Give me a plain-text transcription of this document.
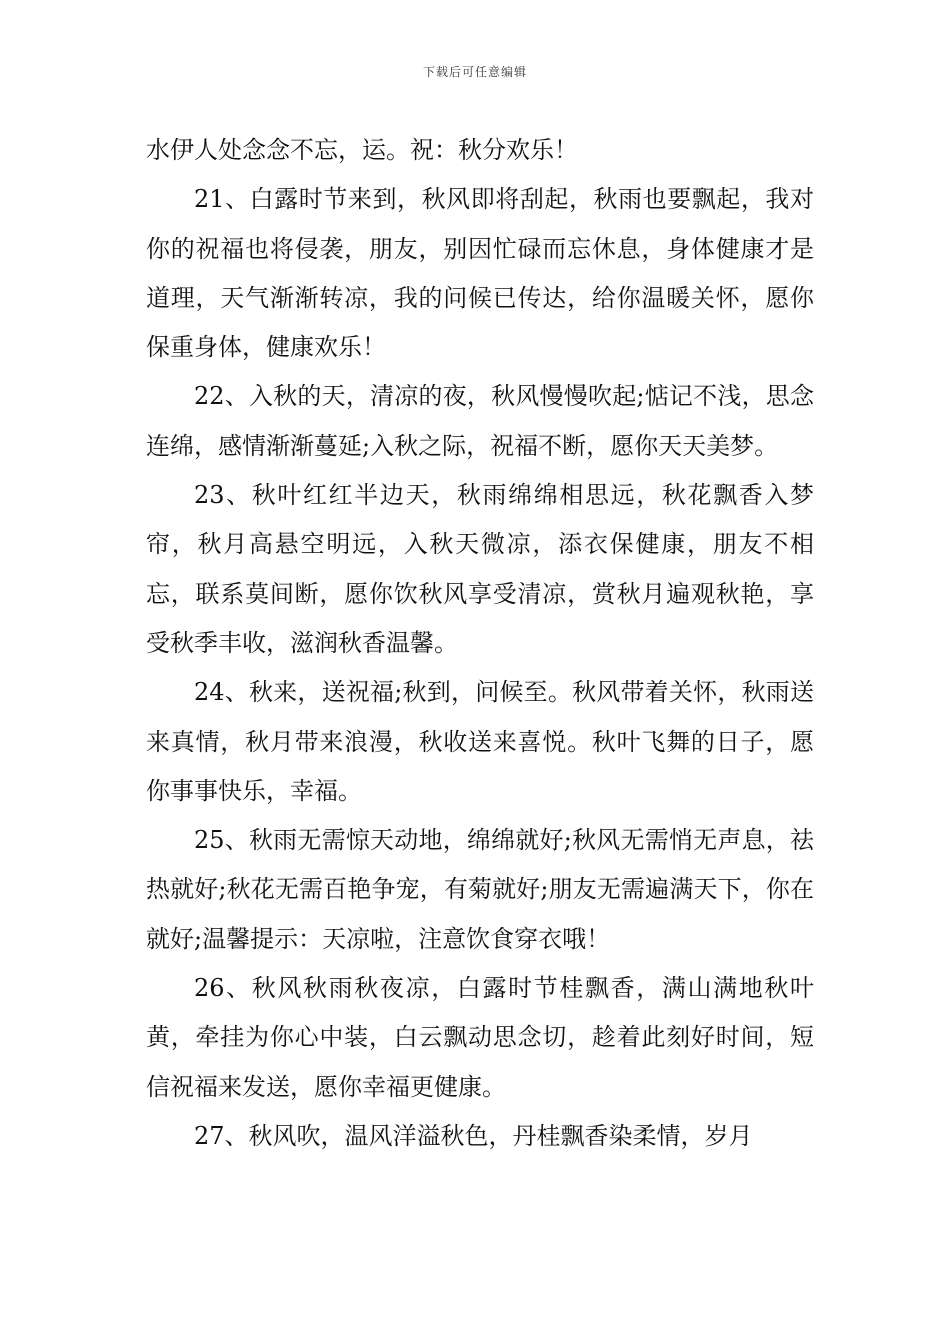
下载后可任意编辑

水伊人处念念不忘，运。祝：秋分欢乐！

21、白露时节来到，秋风即将刮起，秋雨也要飘起，我对你的祝福也将侵袭，朋友，别因忙碌而忘休息，身体健康才是道理，天气渐渐转凉，我的问候已传达，给你温暖关怀，愿你保重身体，健康欢乐！

22、入秋的天，清凉的夜，秋风慢慢吹起;惦记不浅，思念连绵，感情渐渐蔓延;入秋之际，祝福不断，愿你天天美梦。

23、秋叶红红半边天，秋雨绵绵相思远，秋花飘香入梦帘，秋月高悬空明远，入秋天微凉，添衣保健康，朋友不相忘，联系莫间断，愿你饮秋风享受清凉，赏秋月遍观秋艳，享受秋季丰收，滋润秋香温馨。

24、秋来，送祝福;秋到，问候至。秋风带着关怀，秋雨送来真情，秋月带来浪漫，秋收送来喜悦。秋叶飞舞的日子，愿你事事快乐，幸福。

25、秋雨无需惊天动地，绵绵就好;秋风无需悄无声息，祛热就好;秋花无需百艳争宠，有菊就好;朋友无需遍满天下，你在就好;温馨提示：天凉啦，注意饮食穿衣哦！

26、秋风秋雨秋夜凉，白露时节桂飘香，满山满地秋叶黄，牵挂为你心中装，白云飘动思念切，趁着此刻好时间，短信祝福来发送，愿你幸福更健康。

27、秋风吹，温风洋溢秋色，丹桂飘香染柔情，岁月
